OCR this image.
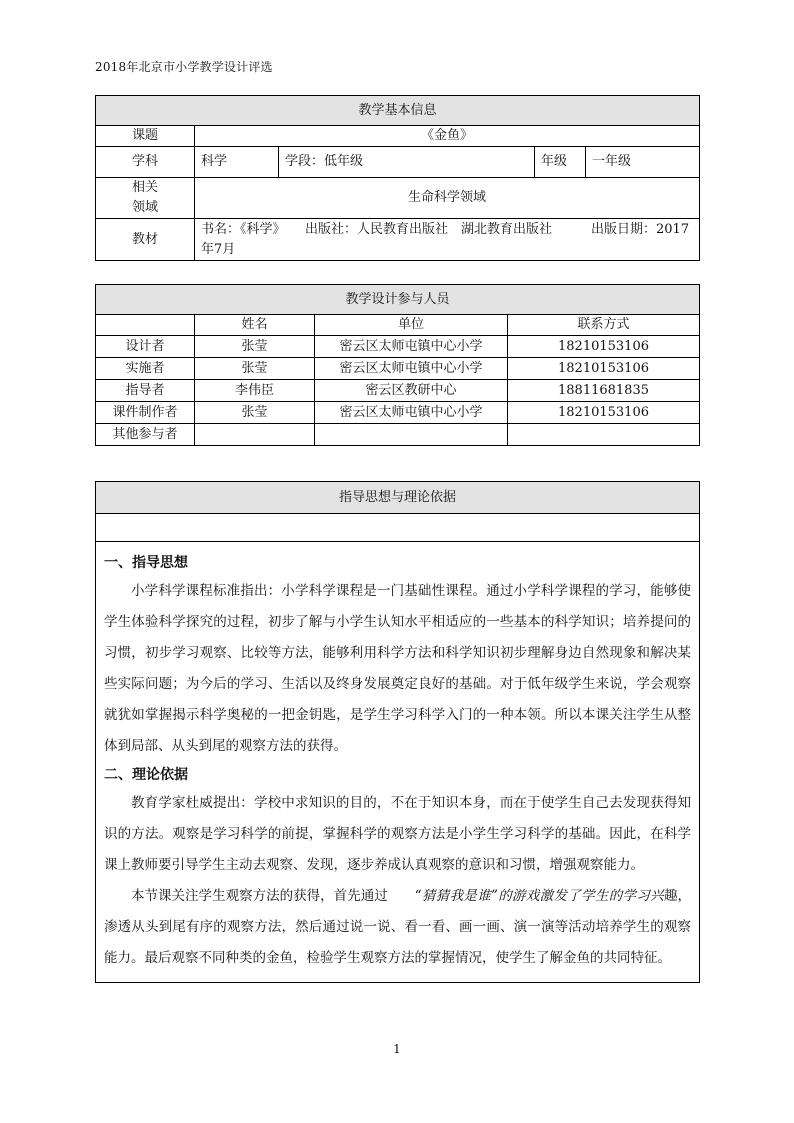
2018年北京市小学教学设计评选
教学基本信息				
课题	《金鱼》			
学科	科学	学段：低年级	年级	一年级

相关
领域	生命科学领域			
教材	书名：《科学》　　出版社：人民教育出版社　湖北教育出版社　　　出版日期：2017年7月			
教学设计参与人员			
	姓名	单位	联系方式
设计者	张莹	密云区太师屯镇中心小学	18210153106
实施者	张莹	密云区太师屯镇中心小学	18210153106
指导者	李伟臣	密云区教研中心	18811681835
课件制作者	张莹	密云区太师屯镇中心小学	18210153106
其他参与者			
指导思想与理论依据

一、指导思想

小学科学课程标准指出：小学科学课程是一门基础性课程。通过小学科学课程的学习，能够使学生体验科学探究的过程，初步了解与小学生认知水平相适应的一些基本的科学知识；培养提问的习惯，初步学习观察、比较等方法，能够利用科学方法和科学知识初步理解身边自然现象和解决某些实际问题；为今后的学习、生活以及终身发展奠定良好的基础。对于低年级学生来说，学会观察就犹如掌握揭示科学奥秘的一把金钥匙，是学生学习科学入门的一种本领。所以本课关注学生从整体到局部、从头到尾的观察方法的获得。

二、理论依据

教育学家杜威提出：学校中求知识的目的，不在于知识本身，而在于使学生自己去发现获得知识的方法。观察是学习科学的前提，掌握科学的观察方法是小学生学习科学的基础。因此，在科学课上教师要引导学生主动去观察、发现，逐步养成认真观察的意识和习惯，增强观察能力。

本节课关注学生观察方法的获得，首先通过　　“猜猜我是谁”的游戏激发了学生的学习兴趣，渗透从头到尾有序的观察方法，然后通过说一说、看一看、画一画、演一演等活动培养学生的观察能力。最后观察不同种类的金鱼，检验学生观察方法的掌握情况，使学生了解金鱼的共同特征。

1
